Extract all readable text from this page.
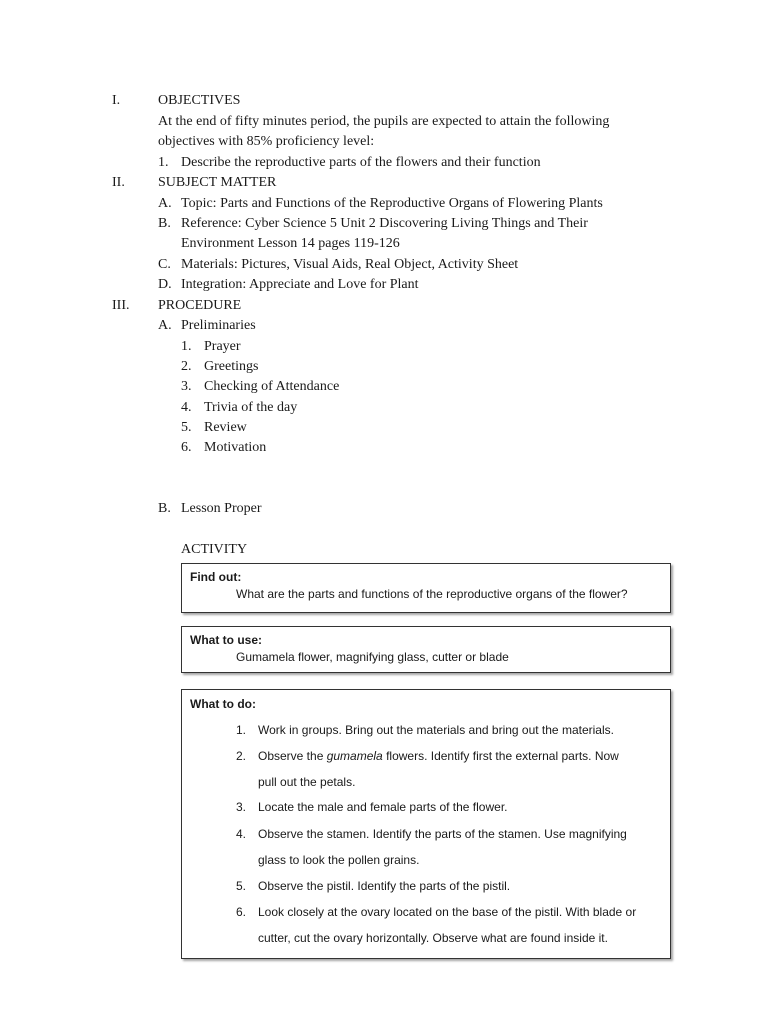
I.	OBJECTIVES
At the end of fifty minutes period, the pupils are expected to attain the following
objectives with 85% proficiency level:
1. Describe the reproductive parts of the flowers and their function
II. SUBJECT MATTER
A. Topic: Parts and Functions of the Reproductive Organs of Flowering Plants
B. Reference: Cyber Science 5 Unit 2 Discovering Living Things and Their
Environment Lesson 14 pages 119-126
C. Materials: Pictures, Visual Aids, Real Object, Activity Sheet
D. Integration: Appreciate and Love for Plant
III. PROCEDURE
A. Preliminaries
1. Prayer
2. Greetings
3. Checking of Attendance
4. Trivia of the day
5. Review
6. Motivation
B. Lesson Proper
ACTIVITY
Find out:
What are the parts and functions of the reproductive organs of the flower?
What to use:
Gumamela flower, magnifying glass, cutter or blade
What to do:
1. Work in groups. Bring out the materials and bring out the materials.
2. Observe the gumamela flowers. Identify first the external parts. Now
pull out the petals.
3. Locate the male and female parts of the flower.
4. Observe the stamen. Identify the parts of the stamen. Use magnifying
glass to look the pollen grains.
5. Observe the pistil. Identify the parts of the pistil.
6. Look closely at the ovary located on the base of the pistil. With blade or
cutter, cut the ovary horizontally. Observe what are found inside it.
